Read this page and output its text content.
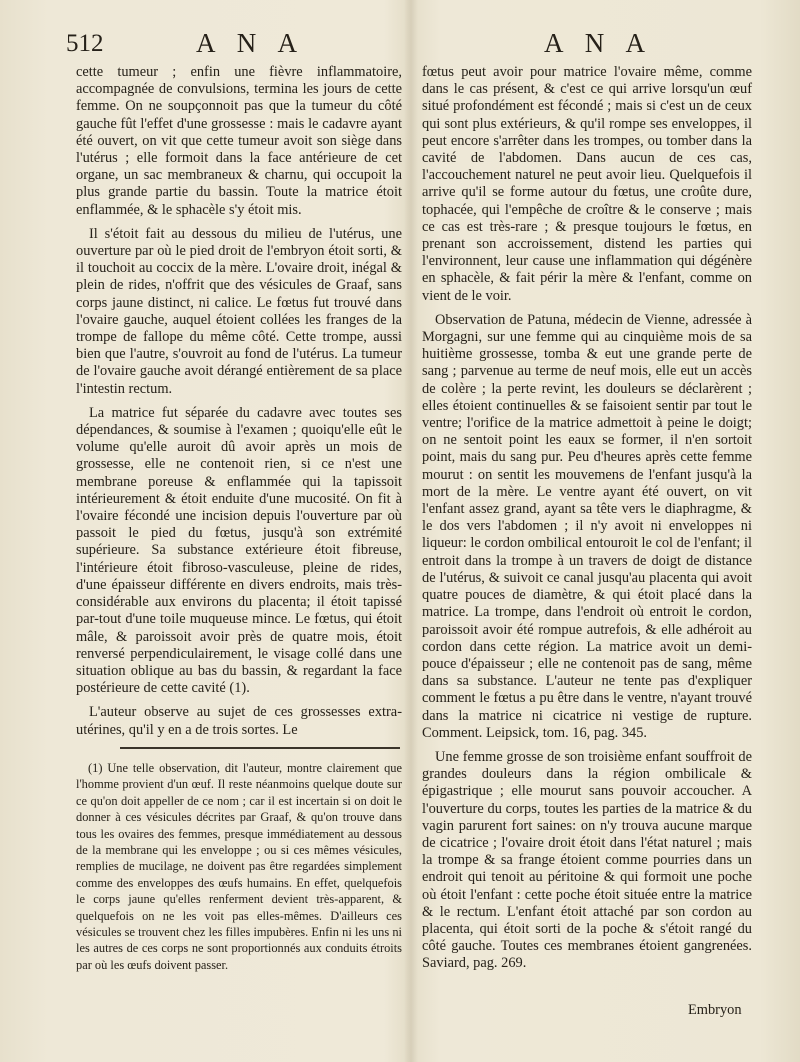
512	A N A	A N A

cette tumeur ; enfin une fièvre inflammatoire, accompagnée de convulsions, termina les jours de cette femme. On ne soupçonnoit pas que la tumeur du côté gauche fût l'effet d'une grossesse : mais le cadavre ayant été ouvert, on vit que cette tumeur avoit son siège dans l'utérus ; elle formoit dans la face antérieure de cet organe, un sac membraneux & charnu, qui occupoit la plus grande partie du bassin. Toute la matrice étoit enflammée, & le sphacèle s'y étoit mis.

Il s'étoit fait au dessous du milieu de l'utérus, une ouverture par où le pied droit de l'embryon étoit sorti, & il touchoit au coccix de la mère. L'ovaire droit, inégal & plein de rides, n'offrit que des vésicules de Graaf, sans corps jaune distinct, ni calice. Le fœtus fut trouvé dans l'ovaire gauche, auquel étoient collées les franges de la trompe de fallope du même côté. Cette trompe, aussi bien que l'autre, s'ouvroit au fond de l'utérus. La tumeur de l'ovaire gauche avoit dérangé entièrement de sa place l'intestin rectum.

La matrice fut séparée du cadavre avec toutes ses dépendances, & soumise à l'examen ; quoiqu'elle eût le volume qu'elle auroit dû avoir après un mois de grossesse, elle ne contenoit rien, si ce n'est une membrane poreuse & enflammée qui la tapissoit intérieurement & étoit enduite d'une mucosité. On fit à l'ovaire fécondé une incision depuis l'ouverture par où passoit le pied du fœtus, jusqu'à son extrémité supérieure. Sa substance extérieure étoit fibreuse, l'intérieure étoit fibroso-vasculeuse, pleine de rides, d'une épaisseur différente en divers endroits, mais très-considérable aux environs du placenta; il étoit tapissé par-tout d'une toile muqueuse mince. Le fœtus, qui étoit mâle, & paroissoit avoir près de quatre mois, étoit renversé perpendiculairement, le visage collé dans une situation oblique au bas du bassin, & regardant la face postérieure de cette cavité (1).

L'auteur observe au sujet de ces grossesses extra-utérines, qu'il y en a de trois sortes. Le

(1) Une telle observation, dit l'auteur, montre clairement que l'homme provient d'un œuf. Il reste néanmoins quelque doute sur ce qu'on doit appeller de ce nom ; car il est incertain si on doit le donner à ces vésicules décrites par Graaf, & qu'on trouve dans tous les ovaires des femmes, presque immédiatement au dessous de la membrane qui les enveloppe ; ou si ces mêmes vésicules, remplies de mucilage, ne doivent pas être regardées simplement comme des enveloppes des œufs humains. En effet, quelquefois le corps jaune qu'elles renferment devient très-apparent, & quelquefois on ne les voit pas elles-mêmes. D'ailleurs ces vésicules se trouvent chez les filles impubères. Enfin ni les uns ni les autres de ces corps ne sont proportionnés aux conduits étroits par où les œufs doivent passer.

fœtus peut avoir pour matrice l'ovaire même, comme dans le cas présent, & c'est ce qui arrive lorsqu'un œuf situé profondément est fécondé ; mais si c'est un de ceux qui sont plus extérieurs, & qu'il rompe ses enveloppes, il peut encore s'arrêter dans les trompes, ou tomber dans la cavité de l'abdomen. Dans aucun de ces cas, l'accouchement naturel ne peut avoir lieu. Quelquefois il arrive qu'il se forme autour du fœtus, une croûte dure, tophacée, qui l'empêche de croître & le conserve ; mais ce cas est très-rare ; & presque toujours le fœtus, en prenant son accroissement, distend les parties qui l'environnent, leur cause une inflammation qui dégénère en sphacèle, & fait périr la mère & l'enfant, comme on vient de le voir.

Observation de Patuna, médecin de Vienne, adressée à Morgagni, sur une femme qui au cinquième mois de sa huitième grossesse, tomba & eut une grande perte de sang ; parvenue au terme de neuf mois, elle eut un accès de colère ; la perte revint, les douleurs se déclarèrent ; elles étoient continuelles & se faisoient sentir par tout le ventre; l'orifice de la matrice admettoit à peine le doigt; on ne sentoit point les eaux se former, il n'en sortoit point, mais du sang pur. Peu d'heures après cette femme mourut : on sentit les mouvemens de l'enfant jusqu'à la mort de la mère. Le ventre ayant été ouvert, on vit l'enfant assez grand, ayant sa tête vers le diaphragme, & le dos vers l'abdomen ; il n'y avoit ni enveloppes ni liqueur: le cordon ombilical entouroit le col de l'enfant; il entroit dans la trompe à un travers de doigt de distance de l'utérus, & suivoit ce canal jusqu'au placenta qui avoit quatre pouces de diamètre, & qui étoit placé dans la matrice. La trompe, dans l'endroit où entroit le cordon, paroissoit avoir été rompue autrefois, & elle adhéroit au cordon dans cette région. La matrice avoit un demi-pouce d'épaisseur ; elle ne contenoit pas de sang, même dans sa substance. L'auteur ne tente pas d'expliquer comment le fœtus a pu être dans le ventre, n'ayant trouvé dans la matrice ni cicatrice ni vestige de rupture. Comment. Leipsick, tom. 16, pag. 345.

Une femme grosse de son troisième enfant souffroit de grandes douleurs dans la région ombilicale & épigastrique ; elle mourut sans pouvoir accoucher. A l'ouverture du corps, toutes les parties de la matrice & du vagin parurent fort saines: on n'y trouva aucune marque de cicatrice ; l'ovaire droit étoit dans l'état naturel ; mais la trompe & sa frange étoient comme pourries dans un endroit qui tenoit au péritoine & qui formoit une poche où étoit l'enfant : cette poche étoit située entre la matrice & le rectum. L'enfant étoit attaché par son cordon au placenta, qui étoit sorti de la poche & s'étoit rangé du côté gauche. Toutes ces membranes étoient gangrenées. Saviard, pag. 269.

Embryon
